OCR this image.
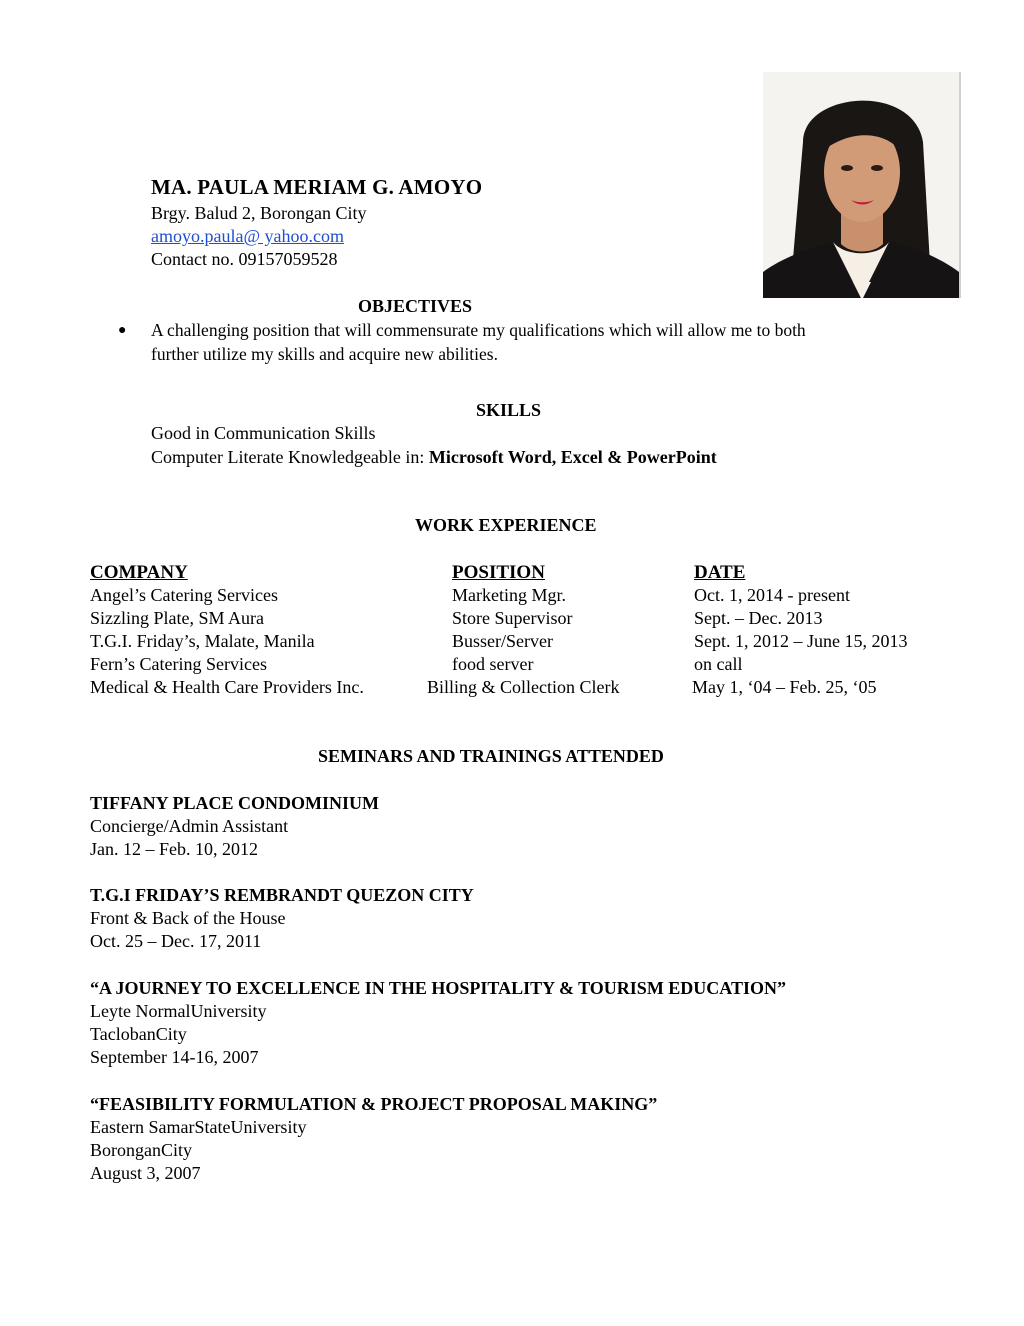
MA. PAULA MERIAM G. AMOYO
Brgy. Balud 2, Borongan City
amoyo.paula@ yahoo.com
Contact no. 09157059528
OBJECTIVES
● A challenging position that will commensurate my qualifications which will allow me to both
further utilize my skills and acquire new abilities.
SKILLS
Good in Communication Skills
Computer Literate Knowledgeable in: Microsoft Word, Excel & PowerPoint
WORK EXPERIENCE
COMPANY	POSITION	DATE
Angel’s Catering Services	Marketing Mgr.	Oct. 1, 2014 - present
Sizzling Plate, SM Aura	Store Supervisor	Sept. – Dec. 2013
T.G.I. Friday’s, Malate, Manila	Busser/Server	Sept. 1, 2012 – June 15, 2013
Fern’s Catering Services	food server	on call
Medical & Health Care Providers Inc.	Billing & Collection Clerk	May 1, ‘04 – Feb. 25, ‘05
SEMINARS AND TRAININGS ATTENDED
TIFFANY PLACE CONDOMINIUM
Concierge/Admin Assistant
Jan. 12 – Feb. 10, 2012
T.G.I FRIDAY’S REMBRANDT QUEZON CITY
Front & Back of the House
Oct. 25 – Dec. 17, 2011
“A JOURNEY TO EXCELLENCE IN THE HOSPITALITY & TOURISM EDUCATION”
Leyte NormalUniversity
TaclobanCity
September 14-16, 2007
“FEASIBILITY FORMULATION & PROJECT PROPOSAL MAKING”
Eastern SamarStateUniversity
BoronganCity
August 3, 2007
